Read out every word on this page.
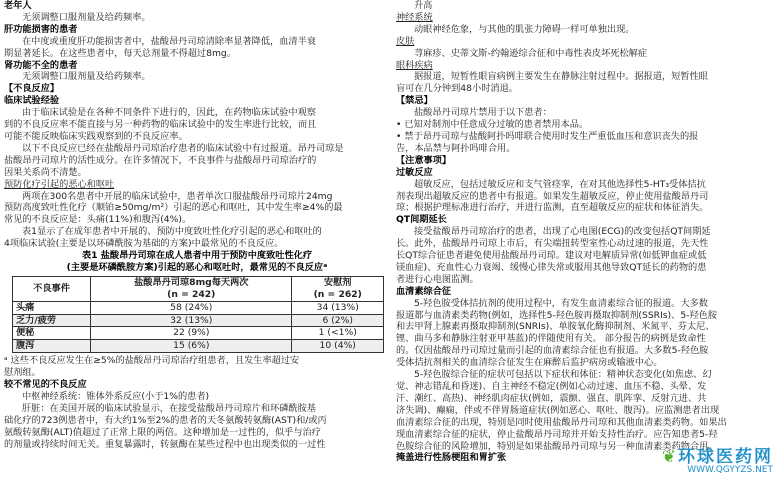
老年人

无须调整口服剂量及给药频率。

肝功能损害的患者

在中度或重度肝功能损害者中，盐酸昂丹司琼清除率显著降低，血清半衰

期显著延长。在这些患者中，每天总剂量不得超过8mg。

肾功能不全的患者

无须调整口服剂量及给药频率。

【不良反应】

临床试验经验

由于临床试验是在各种不同条件下进行的，因此，在药物临床试验中观察

到的不良反应率不能直接与另一种药物的临床试验中的发生率进行比较，而且

可能不能反映临床实践观察到的不良反应率。

以下不良反应已经在盐酸昂丹司琼治疗患者的临床试验中有过报道。昂丹司琼是

盐酸昂丹司琼片的活性成分。在许多情况下，不良事件与盐酸昂丹司琼治疗的

因果关系尚不清楚。

预防化疗引起的恶心和呕吐

两项在300名患者中开展的临床试验中，患者单次口服盐酸昂丹司琼片24mg

预防高度致吐性化疗（顺铂≥50mg/m²）引起的恶心和呕吐，其中发生率≥4%的最

常见的不良反应是：头痛(11%)和腹泻(4%)。

表1显示了在成年患者中开展的、预防中度致吐性化疗引起的恶心和呕吐的

4项临床试验(主要是以环磷酰胺为基础的方案)中最常见的不良反应。

表1 盐酸昂丹司琼在成人患者中用于预防中度致吐性化疗

(主要是环磷酰胺方案)引起的恶心和呕吐时，最常见的不良反应ᵃ

不良事件	盐酸昂丹司琼8mg每天两次
(n = 242)	安慰剂
(n = 262)
头痛	58 (24%)	34 (13%)
乏力/疲劳	32 (13%)	6 (2%)
便秘	22 (9%)	1 (<1%)
腹泻	15 (6%)	10 (4%)

ᵃ 这些不良反应发生在≥5%的盐酸昂丹司琼治疗组患者，且发生率超过安

慰剂组。

较不常见的不良反应

中枢神经系统：锥体外系反应(小于1%的患者)

肝脏：在美国开展的临床试验显示，在接受盐酸昂丹司琼片和环磷酰胺基

础化疗的723例患者中，有大约1%至2%的患者的天冬氨酸转氨酶(AST)和/或丙

氨酸转氨酶(ALT)值超过了正常上限的两倍。这种增加是一过性的，似乎与治疗

的剂量或持续时间无关。重复暴露时，转氨酶在某些过程中也出现类似的一过性

升高

神经系统

动眼神经危象，与其他的肌张力障碍一样可单独出现。

皮肤

荨麻疹、史蒂文斯-约翰逊综合征和中毒性表皮坏死松解症

眼科疾病

据报道，短暂性眼盲病例主要发生在静脉注射过程中。据报道，短暂性眼

盲可在几分钟到48小时消退。

【禁忌】

盐酸昂丹司琼片禁用于以下患者：

• 已知对制剂中任意成分过敏的患者禁用本品。

• 禁于昂丹司琼与盐酸阿扑吗啡联合使用时发生严重低血压和意识丧失的报

告，本品禁与阿扑吗啡合用。

【注意事项】

过敏反应

超敏反应，包括过敏反应和支气管痉挛，在对其他选择性5-HT₃受体拮抗

剂表现出超敏反应的患者中有报道。如果发生超敏反应，停止使用盐酸昂丹司

琼；根据护理标准进行治疗，并进行监测，直至超敏反应的症状和体征消失。

QT间期延长

接受盐酸昂丹司琼治疗的患者，出现了心电图(ECG)的改变包括QT间期延

长。此外，盐酸昂丹司琼上市后，有尖端扭转型室性心动过速的报道，先天性

长QT综合征患者避免使用盐酸昂丹司琼。建议对电解质异常(如低钾血症或低

镁血症)、充血性心力衰竭、缓慢心律失常或服用其他导致QT延长的药物的患

者进行心电图监测。

血清素综合征

5-羟色胺受体拮抗剂的使用过程中，有发生血清素综合征的报道。大多数

报道都与血清素类药物(例如，选择性5-羟色胺再摄取抑制剂(SSRIs)、5-羟色胺

和去甲肾上腺素再摄取抑制剂(SNRIs)、单胺氧化酶抑制剂、米氮平、芬太尼、

锂、曲马多和静脉注射亚甲基蓝)的伴随使用有关。 部分报告的病例是致命性

的。仅因盐酸昂丹司琼过量而引起的血清素综合征也有报道。大多数5-羟色胺

受体拮抗剂相关的血清综合征发生在麻醉后监护病房或输液中心。

5-羟色胺综合征的症状可包括以下症状和体征：精神状态变化(如焦虑、幻

觉、神志错乱和昏迷)、自主神经不稳定(例如心动过速、血压不稳、头晕、发

汗、潮红、高热)、神经肌肉症状(例如，震颤、强直、肌阵挛、反射亢进、共

济失调)、癫痫，伴或不伴胃肠道症状(例如恶心、呕吐、腹泻)。应监测患者出现

血清素综合征的出现，特别是同时使用盐酸昂丹司琼和其他血清素类药物。如果出

现血清素综合征的症状，停止盐酸昂丹司琼并开始支持性治疗。应告知患者5-羟

色胺综合征的风险增加，特别是如果盐酸昂丹司琼与另一种血清素类药物合用。

掩盖进行性肠梗阻和胃扩张	❦环球医药网
WWW.QGYYZS.NET
